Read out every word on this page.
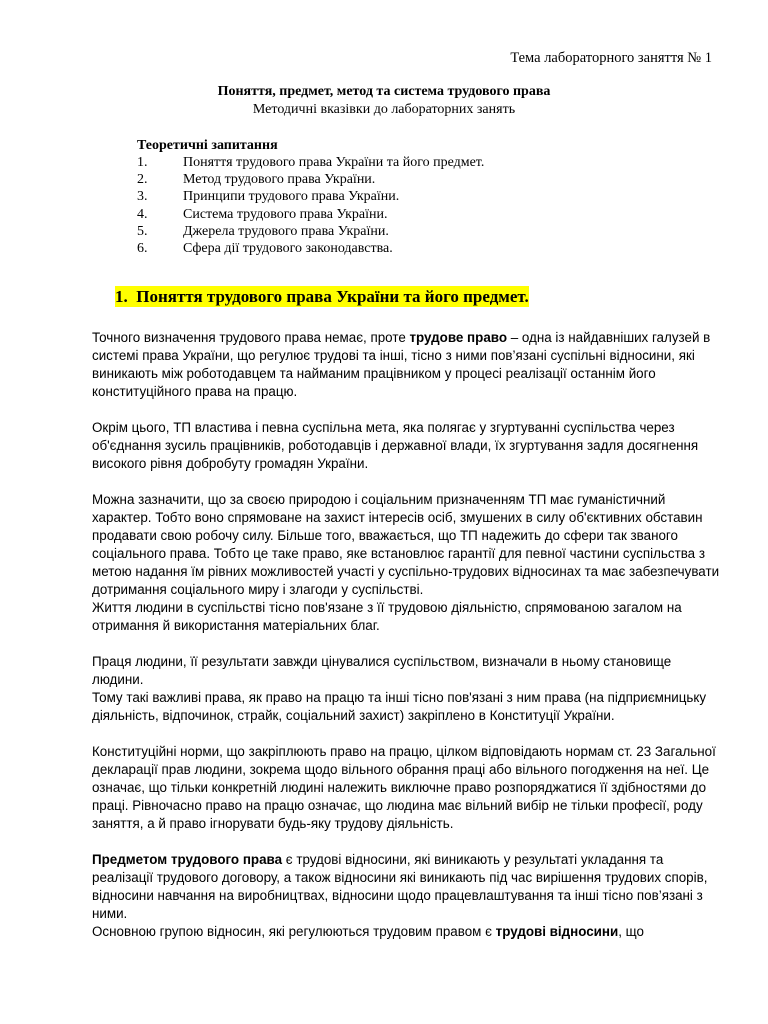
Тема лабораторного заняття № 1
Поняття, предмет, метод та система трудового права
Методичні вказівки до лабораторних занять
Теоретичні запитання
1.	Поняття трудового права України та його предмет.
2.	Метод трудового права України.
3.	Принципи трудового права України.
4.	Система трудового права України.
5.	Джерела трудового права України.
6.	Сфера дії трудового законодавства.
1. Поняття трудового права України та його предмет.

Точного визначення трудового права немає, проте трудове право – одна із найдавніших галузей в системі права України, що регулює трудові та інші, тісно з ними пов’язані суспільні відносини, які виникають між роботодавцем та найманим працівником у процесі реалізації останнім його конституційного права на працю.

Окрім цього, ТП властива і певна суспільна мета, яка полягає у згуртуванні суспільства через об'єднання зусиль працівників, роботодавців і державної влади, їх згуртування задля досягнення високого рівня добробуту громадян України.

Можна зазначити, що за своєю природою і соціальним призначенням ТП має гуманістичний характер. Тобто воно спрямоване на захист інтересів осіб, змушених в силу об'єктивних обставин продавати свою робочу силу. Більше того, вважається, що ТП надежить до сфери так званого соціального права. Тобто це таке право, яке встановлює гарантії для певної частини суспільства з метою надання їм рівних можливостей участі у суспільно-трудових відносинах та має забезпечувати дотримання соціального миру і злагоди у суспільстві.

Життя людини в суспільстві тісно пов'язане з її трудовою діяльністю, спрямованою загалом на отримання й використання матеріальних благ.

Праця людини, її результати завжди цінувалися суспільством, визначали в ньому становище людини.

Тому такі важливі права, як право на працю та інші тісно пов'язані з ним права (на підприємницьку діяльність, відпочинок, страйк, соціальний захист) закріплено в Конституції України.

Конституційні норми, що закріплюють право на працю, цілком відповідають нормам ст. 23 Загальної декларації прав людини, зокрема щодо вільного обрання праці або вільного погодження на неї. Це означає, що тільки конкретній людині належить виключне право розпоряджатися її здібностями до праці. Рівночасно право на працю означає, що людина має вільний вибір не тільки професії, роду заняття, а й право ігнорувати будь-яку трудову діяльність.

Предметом трудового права є трудові відносини, які виникають у результаті укладання та реалізації трудового договору, а також відносини які виникають під час вирішення трудових спорів, відносини навчання на виробництвах, відносини щодо працевлаштування та інші тісно пов’язані з ними.

Основною групою відносин, які регулюються трудовим правом є трудові відносини, що
